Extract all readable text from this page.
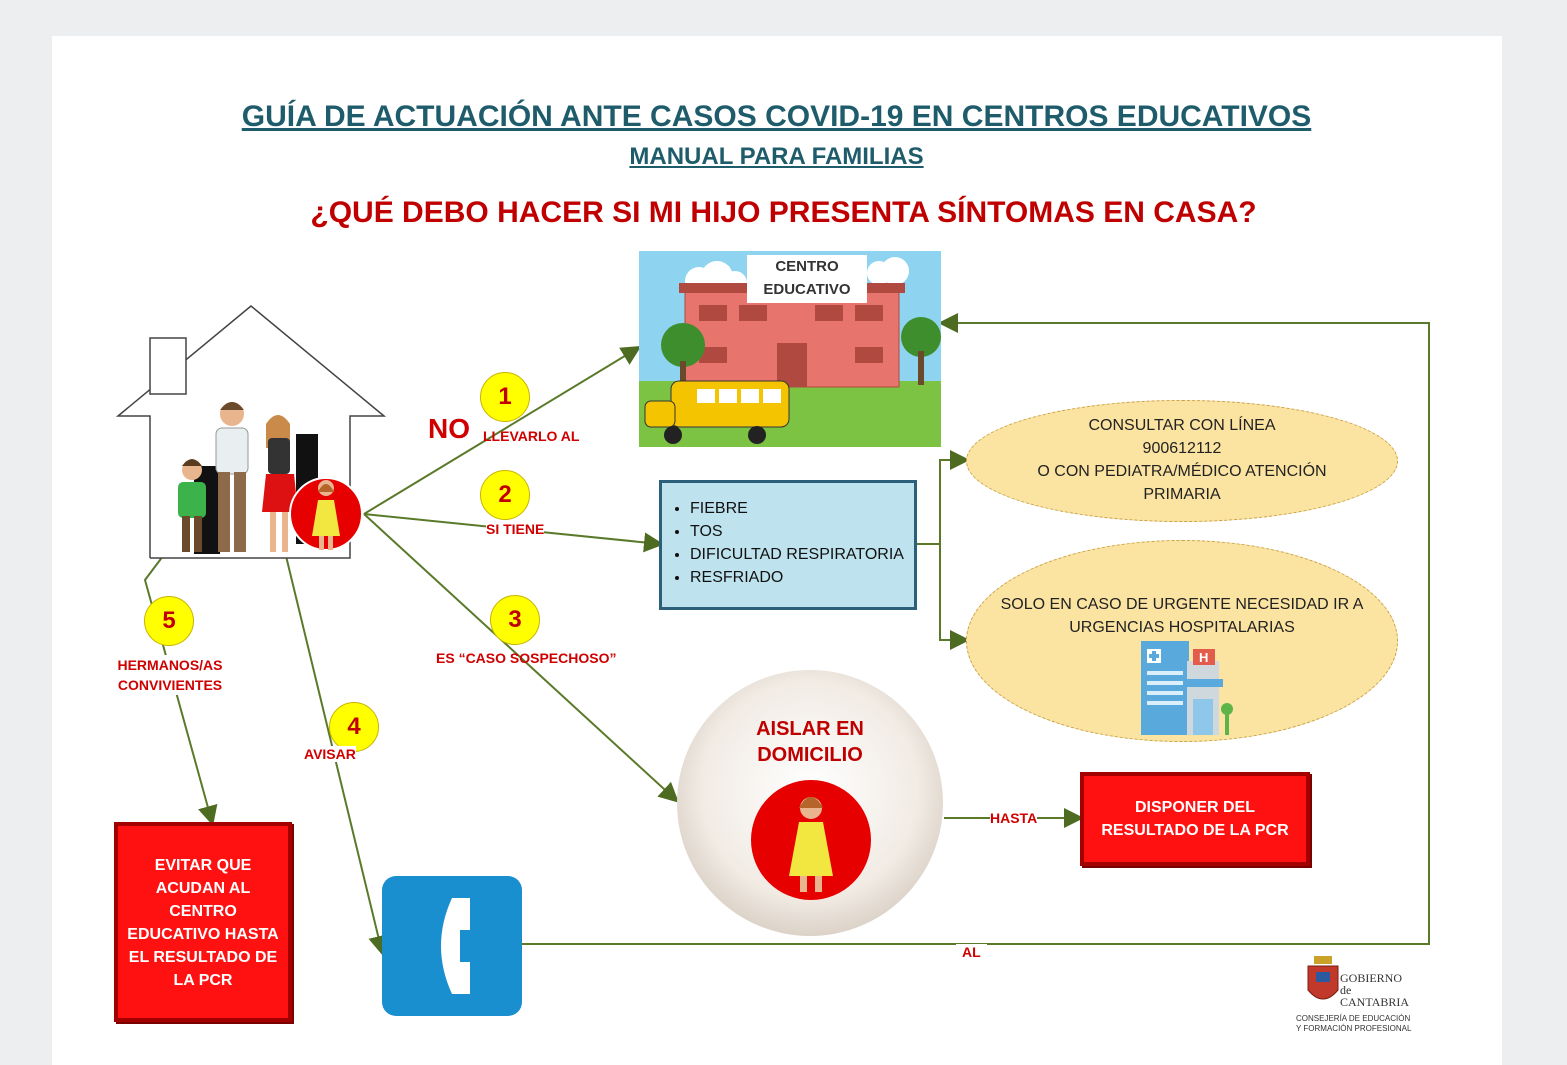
GUÍA DE ACTUACIÓN ANTE CASOS COVID-19 EN CENTROS EDUCATIVOS
MANUAL PARA FAMILIAS
¿QUÉ DEBO HACER SI MI HIJO PRESENTA SÍNTOMAS EN CASA?
CENTRO
EDUCATIVO
1
NO LLEVARLO AL
2
SI TIENE
3
ES “CASO SOSPECHOSO”
4
AVISAR
5
HERMANOS/AS
CONVIVIENTES
• FIEBRE
• TOS
• DIFICULTAD RESPIRATORIA
• RESFRIADO
CONSULTAR CON LÍNEA
900612112
O CON PEDIATRA/MÉDICO ATENCIÓN
PRIMARIA
SOLO EN CASO DE URGENTE NECESIDAD IR A
URGENCIAS HOSPITALARIAS
H
AISLAR EN
DOMICILIO
HASTA
DISPONER DEL
RESULTADO DE LA PCR
EVITAR QUE
ACUDAN AL
CENTRO
EDUCATIVO HASTA
EL RESULTADO DE
LA PCR
AL
GOBIERNO
de
CANTABRIA
CONSEJERÍA DE EDUCACIÓN
Y FORMACIÓN PROFESIONAL
